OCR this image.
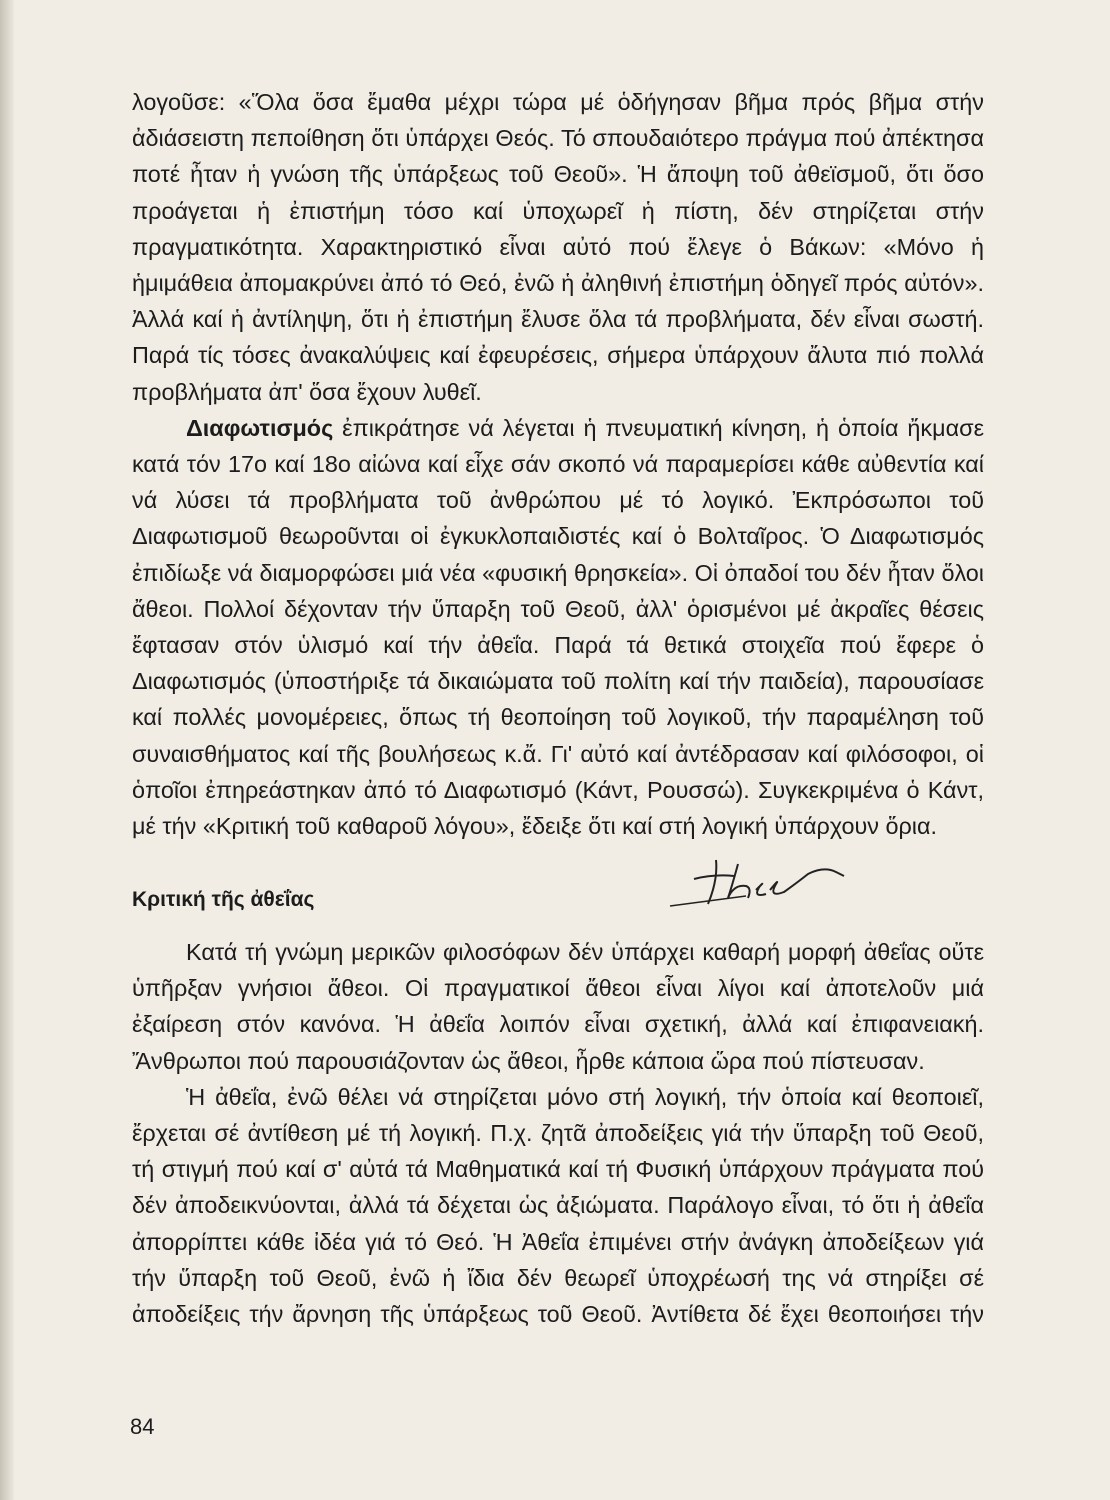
λογοῦσε: «Ὅλα ὅσα ἔμαθα μέχρι τώρα μέ ὁδήγησαν βῆμα πρός βῆμα στήν ἀδιάσειστη πεποίθηση ὅτι ὑπάρχει Θεός. Τό σπουδαιότερο πράγμα πού ἀπέκτησα ποτέ ἦταν ἡ γνώση τῆς ὑπάρξεως τοῦ Θεοῦ». Ἡ ἄποψη τοῦ ἀθεϊσμοῦ, ὅτι ὅσο προάγεται ἡ ἐπιστήμη τόσο καί ὑποχωρεῖ ἡ πίστη, δέν στηρίζεται στήν πραγματικότητα. Χαρακτηριστικό εἶναι αὐτό πού ἔλεγε ὁ Βάκων: «Μόνο ἡ ἡμιμάθεια ἀπομακρύνει ἀπό τό Θεό, ἐνῶ ἡ ἀληθινή ἐπιστήμη ὁδηγεῖ πρός αὐτόν». Ἀλλά καί ἡ ἀντίληψη, ὅτι ἡ ἐπιστήμη ἔλυσε ὅλα τά προβλήματα, δέν εἶναι σωστή. Παρά τίς τόσες ἀνακαλύψεις καί ἐφευρέσεις, σήμερα ὑπάρχουν ἄλυτα πιό πολλά προβλήματα ἀπ' ὅσα ἔχουν λυθεῖ.

Διαφωτισμός ἐπικράτησε νά λέγεται ἡ πνευματική κίνηση, ἡ ὁποία ἤκμασε κατά τόν 17ο καί 18ο αἰώνα καί εἶχε σάν σκοπό νά παραμερίσει κάθε αὐθεντία καί νά λύσει τά προβλήματα τοῦ ἀνθρώπου μέ τό λογικό. Ἐκπρόσωποι τοῦ Διαφωτισμοῦ θεωροῦνται οἱ ἐγκυκλοπαιδιστές καί ὁ Βολταῖρος. Ὁ Διαφωτισμός ἐπιδίωξε νά διαμορφώσει μιά νέα «φυσική θρησκεία». Οἱ ὀπαδοί του δέν ἦταν ὅλοι ἄθεοι. Πολλοί δέχονταν τήν ὕπαρξη τοῦ Θεοῦ, ἀλλ' ὁρισμένοι μέ ἀκραῖες θέσεις ἔφτασαν στόν ὑλισμό καί τήν ἀθεΐα. Παρά τά θετικά στοιχεῖα πού ἔφερε ὁ Διαφωτισμός (ὑποστήριξε τά δικαιώματα τοῦ πολίτη καί τήν παιδεία), παρουσίασε καί πολλές μονομέρειες, ὅπως τή θεοποίηση τοῦ λογικοῦ, τήν παραμέληση τοῦ συναισθήματος καί τῆς βουλήσεως κ.ἄ. Γι' αὐτό καί ἀντέδρασαν καί φιλόσοφοι, οἱ ὁποῖοι ἐπηρεάστηκαν ἀπό τό Διαφωτισμό (Κάντ, Ρουσσώ). Συγκεκριμένα ὁ Κάντ, μέ τήν «Κριτική τοῦ καθαροῦ λόγου», ἔδειξε ὅτι καί στή λογική ὑπάρχουν ὅρια.

Κριτική τῆς ἀθεΐας

Κατά τή γνώμη μερικῶν φιλοσόφων δέν ὑπάρχει καθαρή μορφή ἀθεΐας οὔτε ὑπῆρξαν γνήσιοι ἄθεοι. Οἱ πραγματικοί ἄθεοι εἶναι λίγοι καί ἀποτελοῦν μιά ἐξαίρεση στόν κανόνα. Ἡ ἀθεΐα λοιπόν εἶναι σχετική, ἀλλά καί ἐπιφανειακή. Ἄνθρωποι πού παρουσιάζονταν ὡς ἄθεοι, ἦρθε κάποια ὥρα πού πίστευσαν.

Ἡ ἀθεΐα, ἐνῶ θέλει νά στηρίζεται μόνο στή λογική, τήν ὁποία καί θεοποιεῖ, ἔρχεται σέ ἀντίθεση μέ τή λογική. Π.χ. ζητᾶ ἀποδείξεις γιά τήν ὕπαρξη τοῦ Θεοῦ, τή στιγμή πού καί σ' αὐτά τά Μαθηματικά καί τή Φυσική ὑπάρχουν πράγματα πού δέν ἀποδεικνύονται, ἀλλά τά δέχεται ὡς ἀξιώματα. Παράλογο εἶναι, τό ὅτι ἡ ἀθεΐα ἀπορρίπτει κάθε ἰδέα γιά τό Θεό. Ἡ Ἀθεΐα ἐπιμένει στήν ἀνάγκη ἀποδείξεων γιά τήν ὕπαρξη τοῦ Θεοῦ, ἐνῶ ἡ ἴδια δέν θεωρεῖ ὑποχρέωσή της νά στηρίξει σέ ἀποδείξεις τήν ἄρνηση τῆς ὑπάρξεως τοῦ Θεοῦ. Ἀντίθετα δέ ἔχει θεοποιήσει τήν

84
